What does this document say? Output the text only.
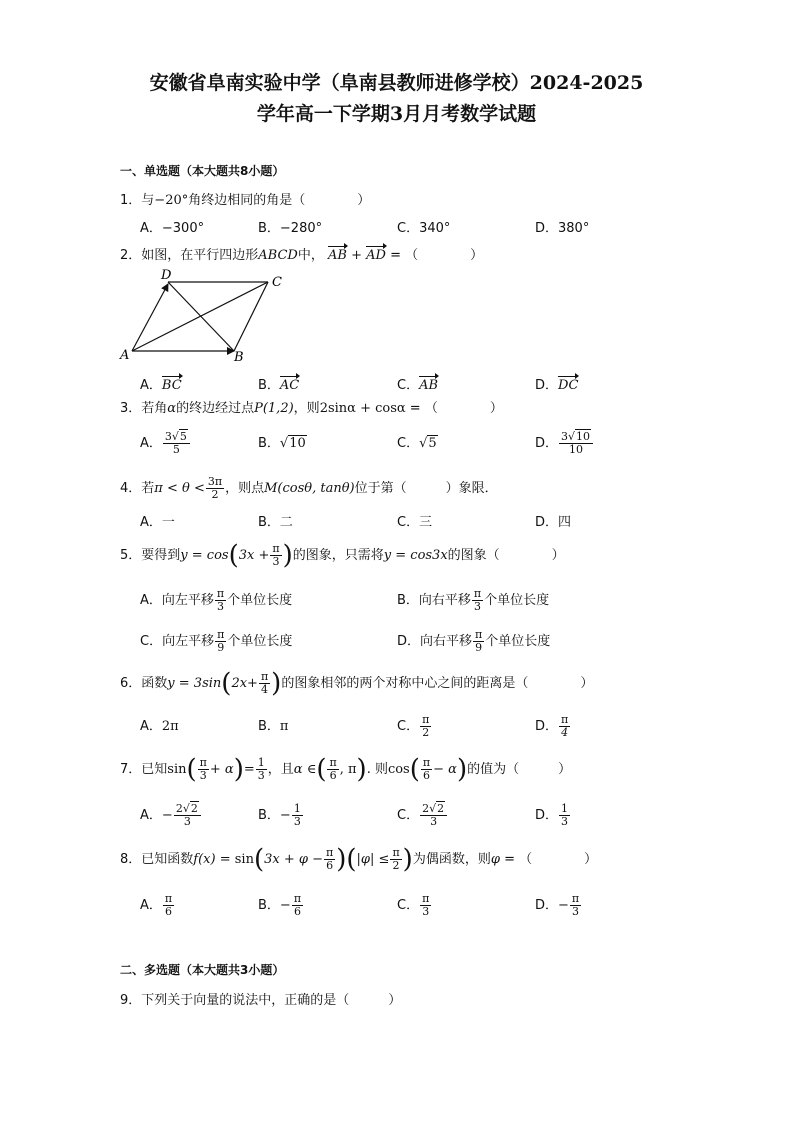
安徽省阜南实验中学（阜南县教师进修学校）2024-2025
学年高一下学期3月月考数学试题
一、单选题（本大题共8小题）
1．与−20°角终边相同的角是（　　　　）
A．−300°	B．−280°	C．340°	D．380°
2．如图，在平行四边形ABCD中， AB + AD = （　　　　）
A	B
C
D
A．BC	B．AC	C．AB	D．DC
3．若角α的终边经过点P(1,2)，则2sinα + cosα = （　　　　）
A． $\frac{3√5}{5}$	B．√10	C．√5	D． $\frac{3√10}{10}$
4．若$\pi < \theta < \frac{3\pi}{2}$ ，则点M(cosθ, tanθ)位于第（　　　）象限．
A．一	B．二	C．三	D．四
5．要得到$y = \cos(3x + \frac{\pi}{3}$ )的图象，只需将y = cos3x的图象（　　　　）
A．向左平移 $\frac{\pi}{3}$ 个单位长度	B．向右平移 $\frac{\pi}{3}$ 个单位长度
C．向左平移 $\frac{\pi}{9}$ 个单位长度	D．向右平移 $\frac{\pi}{9}$ 个单位长度
6．函数$y = 3\sin(2x+ \frac{\pi}{4}$ )的图象相邻的两个对称中心之间的距离是（　　　　）
A．2π	B．π	C． $\frac{\pi}{2}$	D． $\frac{\pi}{4}$
7．已知$\sin( \frac{\pi}{3} + \alpha)= \frac{1}{3}$ ，且α ∈( $\frac{\pi}{6}$ , π). 则$\cos( \frac{\pi}{6} - \alpha)$的值为（　　　）
A．− $\frac{2√2}{3}$	B．− $\frac{1}{3}$	C． $\frac{2√2}{3}$	D． $\frac{1}{3}$
8．已知函数$f(x) = \sin(3x + \varphi - \frac{\pi}{6} )(|\varphi| \le \frac{\pi}{2}$ )为偶函数，则φ = （　　　　）
A． $\frac{\pi}{6}$	B．− $\frac{\pi}{6}$	C． $\frac{\pi}{3}$	D．− $\frac{\pi}{3}$
二、多选题（本大题共3小题）
9．下列关于向量的说法中，正确的是（　　　）
